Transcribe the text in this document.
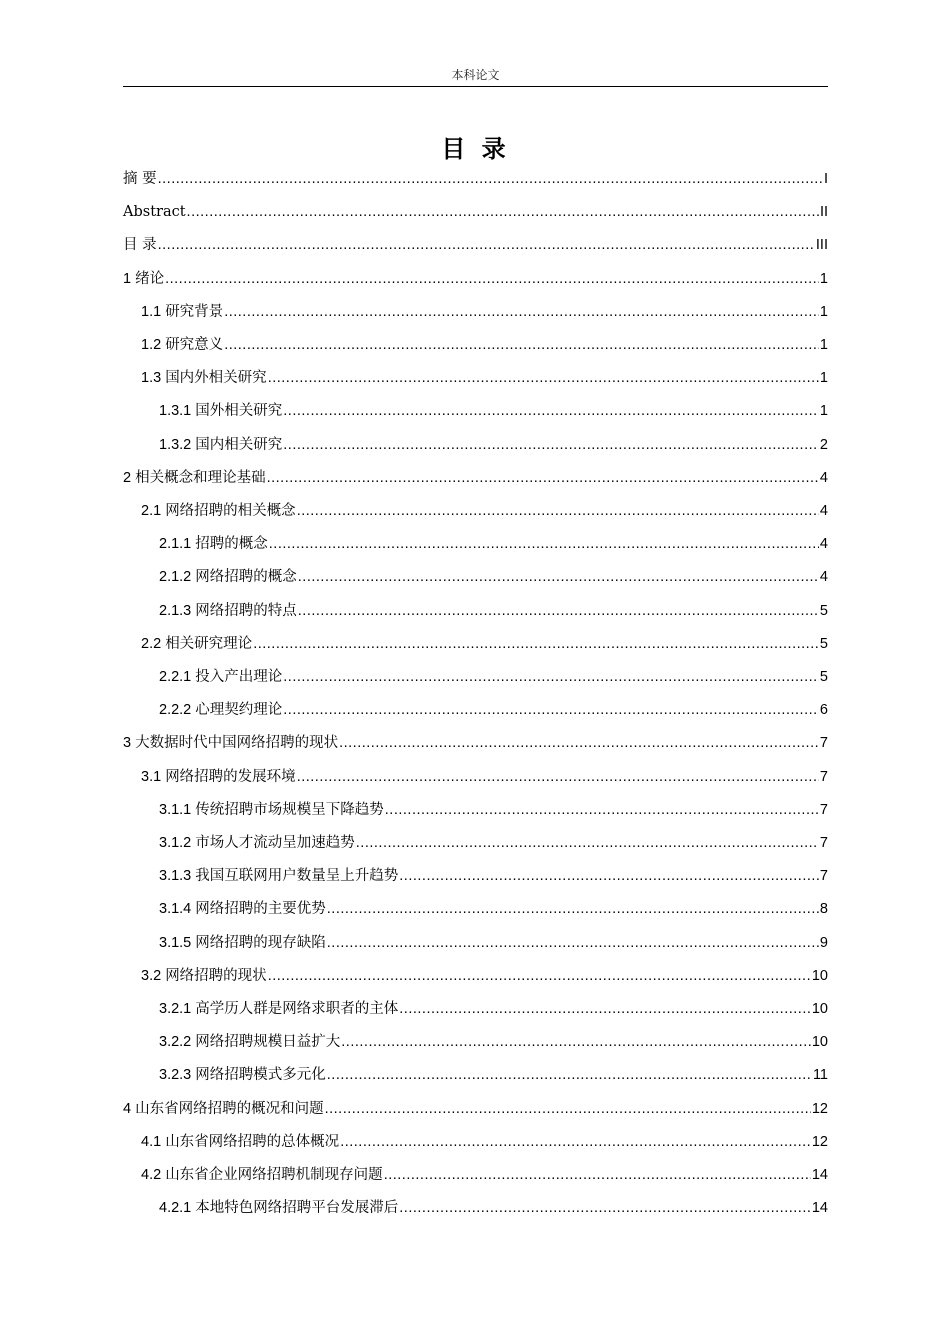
本科论文
目 录
摘 要 .....	I
Abstract .....	II
目 录 .....	III
1 绪论 .....	1
1.1 研究背景 .....	1
1.2 研究意义 .....	1
1.3 国内外相关研究 .....	1
1.3.1 国外相关研究 .....	1
1.3.2 国内相关研究 .....	2
2 相关概念和理论基础 .....	4
2.1 网络招聘的相关概念 .....	4
2.1.1 招聘的概念 .....	4
2.1.2 网络招聘的概念 .....	4
2.1.3 网络招聘的特点 .....	5
2.2 相关研究理论 .....	5
2.2.1 投入产出理论 .....	5
2.2.2 心理契约理论 .....	6
3 大数据时代中国网络招聘的现状 .....	7
3.1 网络招聘的发展环境 .....	7
3.1.1 传统招聘市场规模呈下降趋势 .....	7
3.1.2 市场人才流动呈加速趋势 .....	7
3.1.3 我国互联网用户数量呈上升趋势 .....	7
3.1.4 网络招聘的主要优势 .....	8
3.1.5 网络招聘的现存缺陷 .....	9
3.2 网络招聘的现状 .....	10
3.2.1 高学历人群是网络求职者的主体 .....	10
3.2.2 网络招聘规模日益扩大 .....	10
3.2.3 网络招聘模式多元化 .....	11
4 山东省网络招聘的概况和问题 .....	12
4.1 山东省网络招聘的总体概况 .....	12
4.2 山东省企业网络招聘机制现存问题 .....	14
4.2.1 本地特色网络招聘平台发展滞后 .....	14
